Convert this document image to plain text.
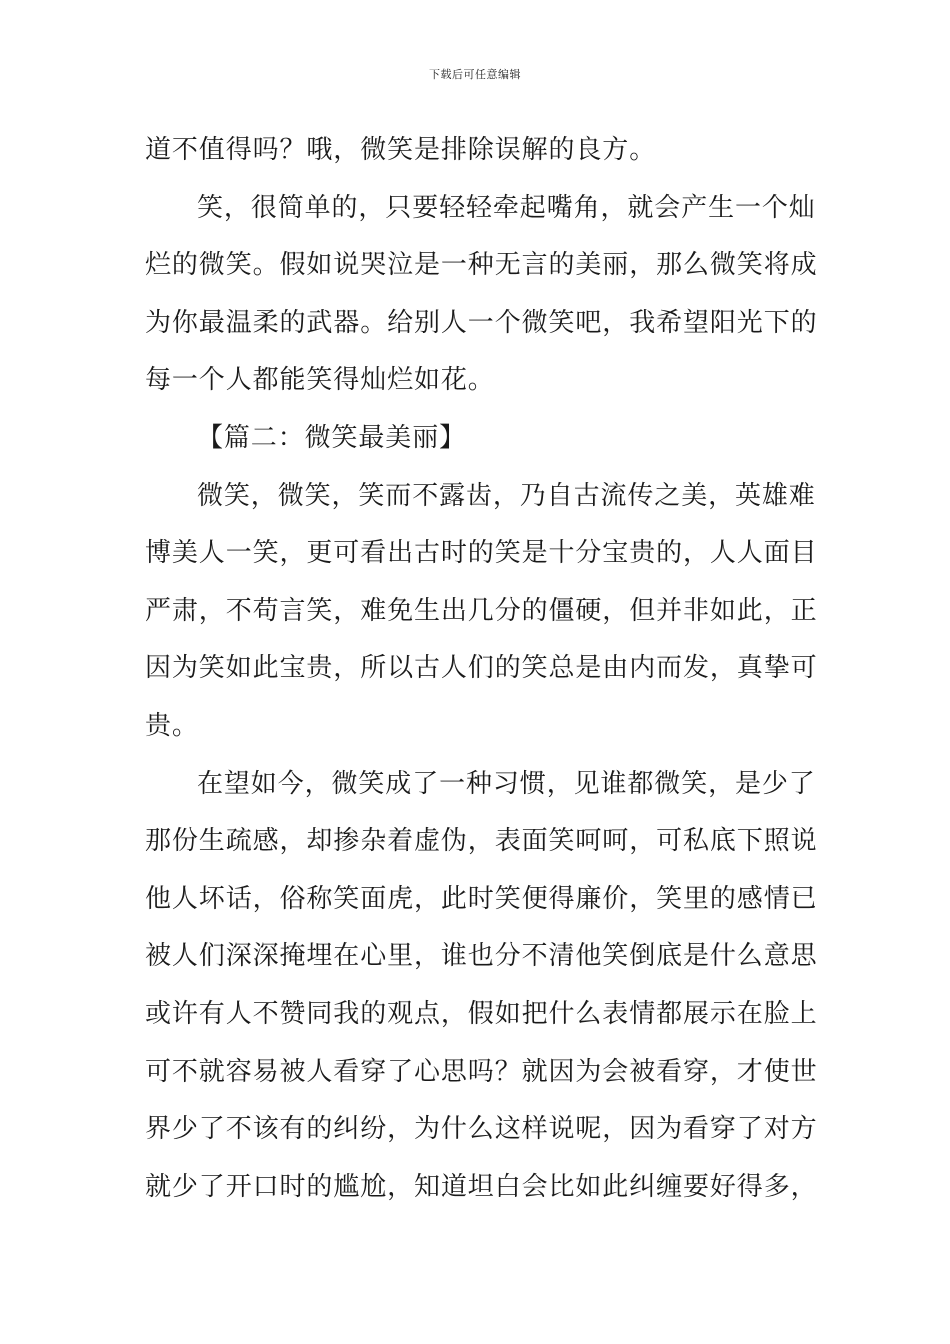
下载后可任意编辑
道不值得吗？哦，微笑是排除误解的良方。
笑，很简单的，只要轻轻牵起嘴角，就会产生一个灿
烂的微笑。假如说哭泣是一种无言的美丽，那么微笑将成
为你最温柔的武器。给别人一个微笑吧，我希望阳光下的
每一个人都能笑得灿烂如花。
【篇二：微笑最美丽】
微笑，微笑，笑而不露齿，乃自古流传之美，英雄难
博美人一笑，更可看出古时的笑是十分宝贵的，人人面目
严肃，不苟言笑，难免生出几分的僵硬，但并非如此，正
因为笑如此宝贵，所以古人们的笑总是由内而发，真挚可
贵。
在望如今，微笑成了一种习惯，见谁都微笑，是少了
那份生疏感，却掺杂着虚伪，表面笑呵呵，可私底下照说
他人坏话，俗称笑面虎，此时笑便得廉价，笑里的感情已
被人们深深掩埋在心里，谁也分不清他笑倒底是什么意思
或许有人不赞同我的观点，假如把什么表情都展示在脸上
可不就容易被人看穿了心思吗？就因为会被看穿，才使世
界少了不该有的纠纷，为什么这样说呢，因为看穿了对方
就少了开口时的尴尬，知道坦白会比如此纠缠要好得多，
